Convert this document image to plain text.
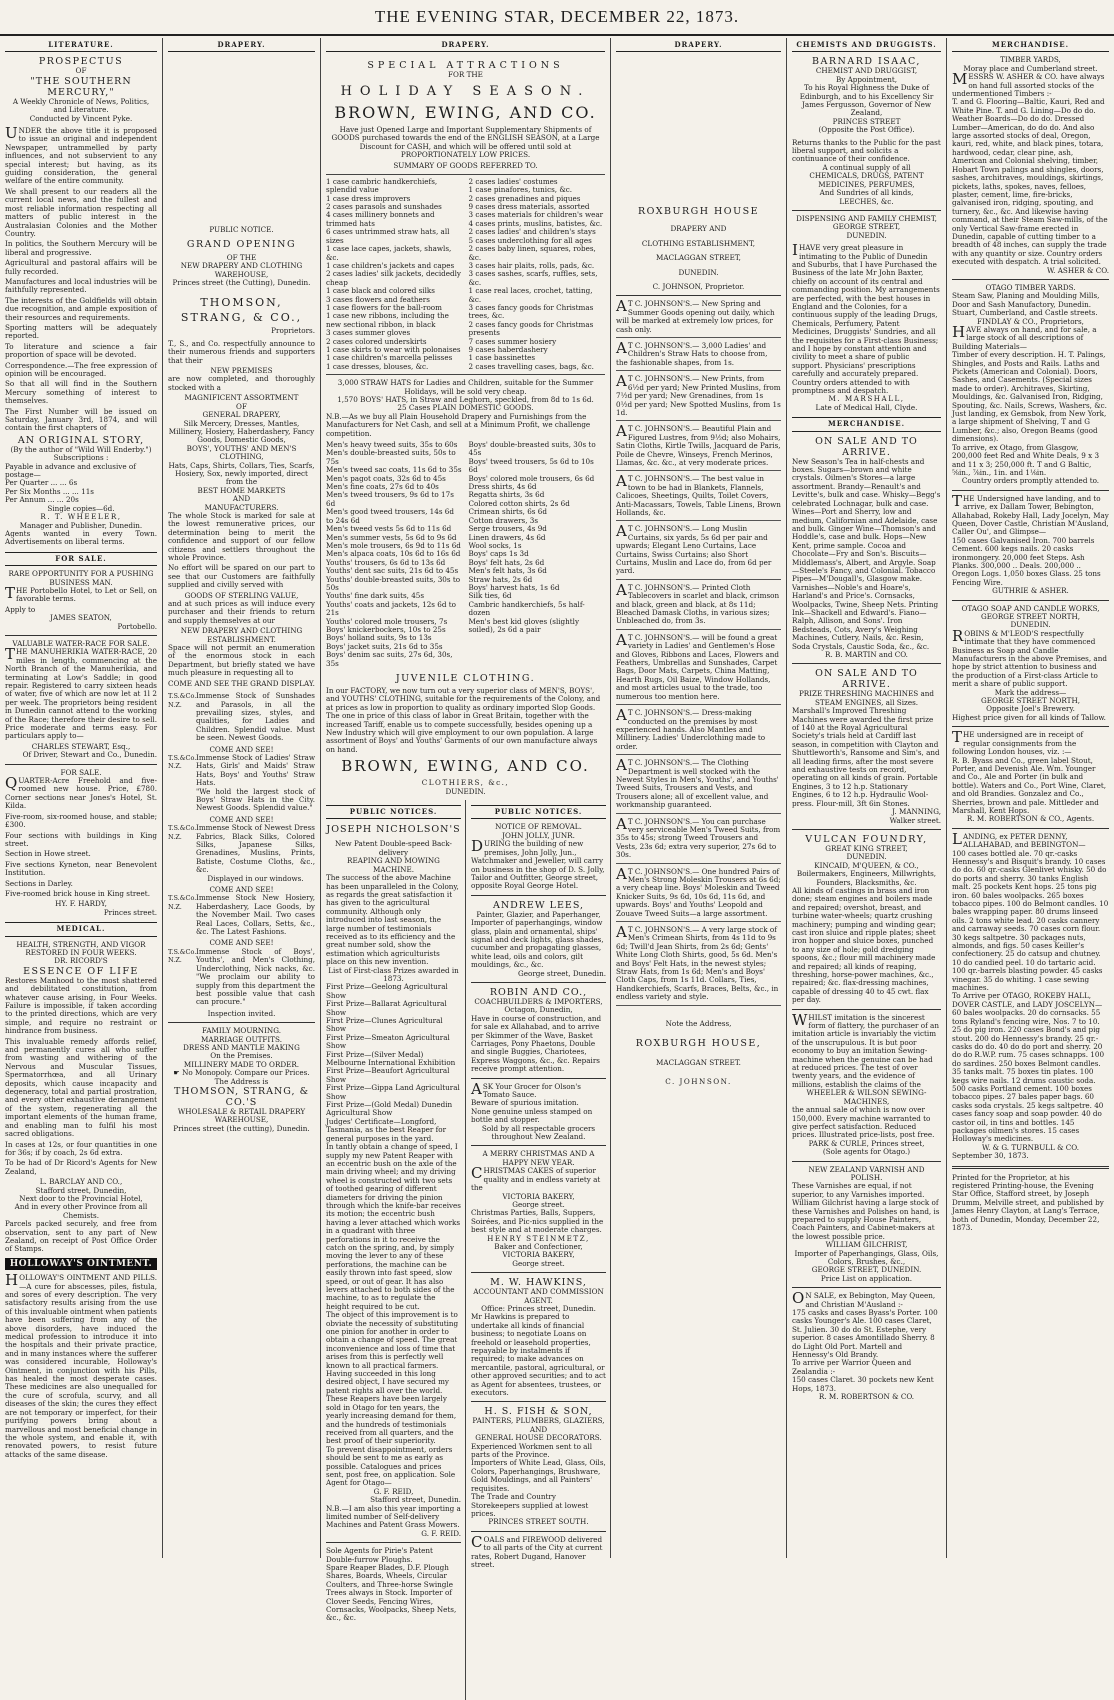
THE EVENING STAR, DECEMBER 22, 1873.
LITERATURE.
PROSPECTUS
OF
"THE SOUTHERN MERCURY,"
A Weekly Chronicle of News, Politics, and Literature.
Conducted by Vincent Pyke.

UNDER the above title it is proposed to issue an original and independent Newspaper, untrammelled by party influences, and not subservient to any special interest; but having, as its guiding consideration, the general welfare of the entire community.

We shall present to our readers all the current local news, and the fullest and most reliable information respecting all matters of public interest in the Australasian Colonies and the Mother Country.

In politics, the Southern Mercury will be liberal and progressive.

Agricultural and pastoral affairs will be fully recorded.

Manufactures and local industries will be faithfully represented.

The interests of the Goldfields will obtain due recognition, and ample exposition of their resources and requirements.

Sporting matters will be adequately reported.

To literature and science a fair proportion of space will be devoted.

Correspondence.—The free expression of opinion will be encouraged.

So that all will find in the Southern Mercury something of interest to themselves.

The First Number will be issued on Saturday, January 3rd, 1874, and will contain the first chapters of

AN ORIGINAL STORY,
(By the author of "Wild Will Enderby.")
Subscriptions :
Payable in advance and exclusive of postage—
Per Quarter ... ... 6s
Per Six Months ... ... 11s
Per Annum ... ... 20s
Single copies—6d.
R. T. WHEELER,
Manager and Publisher, Dunedin.

Agents wanted in every Town. Advertisements on liberal terms.

FOR SALE.
RARE OPPORTUNITY FOR A PUSHING BUSINESS MAN.

THE Portobello Hotel, to Let or Sell, on favorable terms.

Apply to
JAMES SEATON,
Portobello.
VALUABLE WATER-RACE FOR SALE.

THE MANUHERIKIA WATER-RACE, 20 miles in length, commencing at the North Branch of the Manuherikia, and terminating at Low's Saddle; in good repair. Registered to carry sixteen heads of water, five of which are now let at 1l 2 per week. The proprietors being resident in Dunedin cannot attend to the working of the Race; therefore their desire to sell. Price moderate and terms easy. For particulars apply to—

CHARLES STEWART, Esq.,
Of Driver, Stewart and Co., Dunedin.
FOR SALE.

QUARTER-Acre Freehold and five-roomed new house. Price, £780. Corner sections near Jones's Hotel, St. Kilda.

Five-room, six-roomed house, and stable; £300.

Four sections with buildings in King street.

Section in Howe street.

Five sections Kyneton, near Benevolent Institution.

Sections in Darley.

Five-roomed brick house in King street.

HY. F. HARDY,
Princes street.
MEDICAL.
HEALTH, STRENGTH, AND VIGOR RESTORED IN FOUR WEEKS.
DR. RICORD'S
ESSENCE OF LIFE

Restores Manhood to the most shattered and debilitated constitution, from whatever cause arising, in Four Weeks. Failure is impossible, if taken according to the printed directions, which are very simple, and require no restraint or hindrance from business.

This invaluable remedy affords relief, and permanently cures all who suffer from wasting and withering of the Nervous and Muscular Tissues, Spermatorrhœa, and all Urinary deposits, which cause incapacity and degeneracy, total and partial prostration, and every other exhaustive derangement of the system, regenerating all the important elements of the human frame, and enabling man to fulfil his most sacred obligations.

In cases at 12s, or four quantities in one for 36s; if by coach, 2s 6d extra.

To be had of Dr Ricord's Agents for New Zealand,

L. BARCLAY AND CO.,
Stafford street, Dunedin,
Next door to the Provincial Hotel,
And in every other Province from all Chemists.

Parcels packed securely, and free from observation, sent to any part of New Zealand, on receipt of Post Office Order of Stamps.

HOLLOWAY'S OINTMENT.

HOLLOWAY'S OINTMENT AND PILLS.—A cure for abscesses, piles, fistula, and sores of every description. The very satisfactory results arising from the use of this invaluable ointment when patients have been suffering from any of the above disorders, have induced the medical profession to introduce it into the hospitals and their private practice, and in many instances where the sufferer was considered incurable, Holloway's Ointment, in conjunction with his Pills, has healed the most desperate cases. These medicines are also unequalled for the cure of scrofula, scurvy, and all diseases of the skin; the cures they effect are not temporary or imperfect, for their purifying powers bring about a marvellous and most beneficial change in the whole system, and enable it, with renovated powers, to resist future attacks of the same disease.

DRAPERY.
PUBLIC NOTICE.
GRAND OPENING
OF THE
NEW DRAPERY AND CLOTHING WAREHOUSE,
Princes street (the Cutting), Dunedin.
THOMSON, STRANG, & CO.,
Proprietors.

T., S., and Co. respectfully announce to their numerous friends and supporters that their

NEW PREMISES

are now completed, and thoroughly stocked with a

MAGNIFICENT ASSORTMENT
OF
GENERAL DRAPERY,
Silk Mercery, Dresses, Mantles, Millinery, Hosiery, Haberdashery, Fancy Goods, Domestic Goods,
BOYS', YOUTHS' AND MEN'S CLOTHING,
Hats, Caps, Shirts, Collars, Ties, Scarfs, Hosiery, Sox, newly imported, direct from the
BEST HOME MARKETS
AND
MANUFACTURERS.

The whole Stock is marked for sale at the lowest remunerative prices, our determination being to merit the confidence and support of our fellow citizens and settlers throughout the whole Province.

No effort will be spared on our part to see that our Customers are faithfully supplied and civilly served with

GOODS OF STERLING VALUE,

and at such prices as will induce every purchaser and their friends to return and supply themselves at our

NEW DRAPERY AND CLOTHING ESTABLISHMENT.

Space will not permit an enumeration of the enormous stock in each Department, but briefly stated we have much pleasure in requesting all to

COME AND SEE THE GRAND DISPLAY.
T.S.&Co. N.Z.
Immense Stock of Sunshades and Parasols, in all the prevailing sizes, styles, and qualities, for Ladies and Children. Splendid value. Must be seen. Newest Goods.
COME AND SEE!
T.S.&Co. N.Z.
Immense Stock of Ladies' Straw Hats, Girls' and Maids' Straw Hats, Boys' and Youths' Straw Hats.
"We hold the largest stock of Boys' Straw Hats in the City. Newest Goods. Splendid value."
COME AND SEE!
T.S.&Co. N.Z.
Immense Stock of Newest Dress Fabrics, Black Silks, Colored Silks, Japanese Silks, Grenadines, Muslins, Prints, Batiste, Costume Cloths, &c., &c.
Displayed in our windows.
COME AND SEE!
T.S.&Co. N.Z.
Immense Stock New Hosiery, Haberdashery, Lace Goods, by the November Mail. Two cases Real Laces, Collars, Setts, &c., &c. The Latest Fashions.
COME AND SEE!
T.S.&Co. N.Z.
Immense Stock of Boys', Youths', and Men's Clothing, Underclothing, Nick nacks, &c. "We proclaim our ability to supply from this department the best possible value that cash can procure."
Inspection invited.
FAMILY MOURNING.
MARRIAGE OUTFITS.
DRESS AND MANTLE MAKING
On the Premises.
MILLINERY MADE TO ORDER.
☛ No Monopoly. Compare our Prices.
The Address is
THOMSON, STRANG, & CO.'S
WHOLESALE & RETAIL DRAPERY
WAREHOUSE,
Princes street (the cutting), Dunedin.
DRAPERY.
SPECIAL ATTRACTIONS
FOR THE
HOLIDAY SEASON.
BROWN, EWING, AND CO.

Have just Opened Large and Important Supplementary Shipments of GOODS purchased towards the end of the ENGLISH SEASON, at a Large Discount for CASH, and which will be offered until sold at PROPORTIONATELY LOW PRICES.

SUMMARY OF GOODS REFERRED TO.
1 case cambric handkerchiefs, splendid value
1 case dress improvers
2 cases parasols and sunshades
4 cases millinery bonnets and trimmed hats
6 cases untrimmed straw hats, all sizes
1 case lace capes, jackets, shawls, &c.
1 case children's jackets and capes
2 cases ladies' silk jackets, decidedly cheap
1 case black and colored silks
3 cases flowers and feathers
1 case flowers for the ball-room
1 case new ribbons, including the new sectional ribbon, in black
3 cases summer gloves
2 cases colored underskirts
1 case skirts to wear with polonaises
1 case children's marcella pelisses
1 case dresses, blouses, &c.
2 cases ladies' costumes
1 case pinafores, tunics, &c.
2 cases grenadines and piques
9 cases dress materials, assorted
3 cases materials for children's wear
4 cases prints, muslins, batistes, &c.
2 cases ladies' and children's stays
5 cases underclothing for all ages
2 cases baby linen, squares, robes, &c.
3 cases hair plaits, rolls, pads, &c.
3 cases sashes, scarfs, ruffles, sets, &c.
1 case real laces, crochet, tatting, &c.
3 cases fancy goods for Christmas trees, &c.
2 cases fancy goods for Christmas presents
7 cases summer hosiery
9 cases haberdashery
1 case bassinettes
2 cases travelling cases, bags, &c.

3,000 STRAW HATS for Ladies and Children, suitable for the Summer Holidays, will be sold very cheap.

1,570 BOYS' HATS, in Straw and Leghorn, speckled, from 8d to 1s 6d.

25 Cases PLAIN DOMESTIC GOODS.

N.B.—As we buy all Plain Household Drapery and Furnishings from the Manufacturers for Net Cash, and sell at a Minimum Profit, we challenge competition.

Men's heavy tweed suits, 35s to 60s
Men's double-breasted suits, 50s to 75s
Men's tweed sac coats, 11s 6d to 35s
Men's pagot coats, 32s 6d to 45s
Men's fine coats, 27s 6d to 40s
Men's tweed trousers, 9s 6d to 17s 6d
Men's good tweed trousers, 14s 6d to 24s 6d
Men's tweed vests 5s 6d to 11s 6d
Men's summer vests, 5s 6d to 9s 6d
Men's mole trousers, 6s 9d to 11s 6d
Men's alpaca coats, 10s 6d to 16s 6d
Youths' trousers, 6s 6d to 13s 6d
Youths' dent sac suits, 21s 6d to 45s
Youths' double-breasted suits, 30s to 50s
Youths' fine dark suits, 45s
Youths' coats and jackets, 12s 6d to 21s
Youths' colored mole trousers, 7s
Boys' knickerbockers, 10s to 25s
Boys' holland suits, 9s to 13s
Boys' jacket suits, 21s 6d to 35s
Boys' denim sac suits, 27s 6d, 30s, 35s
Boys' double-breasted suits, 30s to 45s
Boys' tweed trousers, 5s 6d to 10s 6d
Boys' colored mole trousers, 6s 6d
Dress shirts, 4s 6d
Regatta shirts, 3s 6d
Colored cotton shirts, 2s 6d
Crimean shirts, 6s 6d
Cotton drawers, 3s
Serge trousers, 4s 9d
Linen drawers, 4s 6d
Wool socks, 1s
Boys' caps 1s 3d
Boys' felt hats, 2s 6d
Men's felt hats, 3s 6d
Straw hats, 2s 6d
Boys' harvest hats, 1s 6d
Silk ties, 6d
Cambric handkerchiefs, 5s half-dozen
Men's best kid gloves (slightly soiled), 2s 6d a pair
JUVENILE CLOTHING.

In our FACTORY, we now turn out a very superior class of MEN'S, BOYS', and YOUTHS' CLOTHING, suitable for the requirements of the Colony, and at prices as low in proportion to quality as ordinary imported Slop Goods. The one in price of this class of labor in Great Britain, together with the increased Tariff, enable us to compete successfully, besides opening up a New Industry which will give employment to our own population. A large assortment of Boys' and Youths' Garments of our own manufacture always on hand.

BROWN, EWING, AND CO.
CLOTHIERS, &c.,
DUNEDIN.
PUBLIC NOTICES.
JOSEPH NICHOLSON'S
New Patent Double-speed Back-delivery
REAPING AND MOWING MACHINE.

The success of the above Machine has been unparalleled in the Colony, as regards the great satisfaction it has given to the agricultural community. Although only introduced into last season, the large number of testimonials received as to its efficiency and the great number sold, show the estimation which agriculturists place on this new invention.

List of First-class Prizes awarded in 1873.
First Prize—Geelong Agricultural Show
First Prize—Ballarat Agricultural Show
First Prize—Clunes Agricultural Show
First Prize—Smeaton Agricultural Show
First Prize—(Silver Medal) Melbourne International Exhibition
First Prize—Beaufort Agricultural Show
First Prize—Gippa Land Agricultural Show
First Prize—(Gold Medal) Dunedin Agricultural Show

Judges' Certificate—Longford, Tasmania, as the best Reaper for general purposes in the yard.

In tantly obtain a change of speed, I supply my new Patent Reaper with an eccentric bush on the axle of the main driving wheel; and my driving wheel is constructed with two sets of toothed gearing of different diameters for driving the pinion through which the knife-bar receives its motion; the eccentric bush having a lever attached which works in a quadrant with three perforations in it to receive the catch on the spring, and, by simply moving the lever to any of these perforations, the machine can be easily thrown into fast speed, slow speed, or out of gear. It has also levers attached to both sides of the machine, to as to regulate the height required to be cut.

The object of this improvement is to obviate the necessity of substituting one pinion for another in order to obtain a change of speed. The great inconvenience and loss of time that arises from this is perfectly well known to all practical farmers.

Having succeeded in this long desired object, I have secured my patent rights all over the world.

These Reapers have been largely sold in Otago for ten years, the yearly increasing demand for them, and the hundreds of testimonials received from all quarters, and the best proof of their superiority.

To prevent disappointment, orders should be sent to me as early as possible. Catalogues and prices sent, post free, on application. Sole Agent for Otago—

G. F. REID,
Stafford street, Dunedin.

N.B.—I am also this year importing a limited number of Self-delivery Machines and Patent Grass Mowers.

G. F. REID.

Sole Agents for Pirie's Patent Double-furrow Ploughs.

Spare Reaper Blades, D.F. Plough Shares, Boards, Wheels, Circular Coulters, and Three-horse Swingle Trees always in Stock. Importer of Clover Seeds, Fencing Wires, Cornsacks, Woolpacks, Sheep Nets, &c., &c.

PUBLIC NOTICES.
NOTICE OF REMOVAL.
JOHN JOLLY, JUNR.

DURING the building of new premises, John Jolly, Jun., Watchmaker and Jeweller, will carry on business in the shop of D. S. Jolly, Tailor and Outfitter, George street, opposite Royal George Hotel.

ANDREW LEES,
Painter, Glazier, and Paperhanger,

Importer of paperhangings, window glass, plain and ornamental, ships' signal and deck lights, glass shades, cucumber and propagating glasses, white lead, oils and colors, gilt mouldings, &c., &c.

George street, Dunedin.
ROBIN AND CO.,
COACHBUILDERS & IMPORTERS,
Octagon, Dunedin,

Have in course of construction, and for sale ex Allahabad, and to arrive per Skimmer of the Wave, Basket Carriages, Pony Phaetons, Double and single Buggies, Chariotees, Express Waggons, &c., &c. Repairs receive prompt attention.

ASK Your Grocer for Olson's Tomato Sauce.

Beware of spurious imitation.

None genuine unless stamped on bottle and stopper.

Sold by all respectable grocers throughout New Zealand.

A MERRY CHRISTMAS AND A HAPPY NEW YEAR.

CHRISTMAS CAKES of superior quality and in endless variety at the

VICTORIA BAKERY,
George street.

Christmas Parties, Balls, Suppers, Soirées, and Pic-nics supplied in the best style and at moderate charges.

HENRY STEINMETZ,
Baker and Confectioner,
VICTORIA BAKERY,
George street.
M. W. HAWKINS,
ACCOUNTANT AND COMMISSION AGENT.
Office: Princes street, Dunedin.

Mr Hawkins is prepared to undertake all kinds of financial business; to negotiate Loans on freehold or leasehold properties, repayable by instalments if required; to make advances on mercantile, pastoral, agricultural, or other approved securities; and to act as Agent for absentees, trustees, or executors.

H. S. FISH & SON,
PAINTERS, PLUMBERS, GLAZIERS,
AND
GENERAL HOUSE DECORATORS.

Experienced Workmen sent to all parts of the Province.

Importers of White Lead, Glass, Oils, Colors, Paperhangings, Brushware, Gold Mouldings, and all Painters' requisites.

The Trade and Country Storekeepers supplied at lowest prices.

PRINCES STREET SOUTH.

COALS and FIREWOOD delivered to all parts of the City at current rates, Robert Dugand, Hanover street.

DRAPERY.
ROXBURGH HOUSE
DRAPERY AND
CLOTHING ESTABLISHMENT,
MACLAGGAN STREET,
DUNEDIN.
C. JOHNSON, Proprietor.

AT C. JOHNSON'S.— New Spring and Summer Goods opening out daily, which will be marked at extremely low prices, for cash only.

AT C. JOHNSON'S.— 3,000 Ladies' and Children's Straw Hats to choose from, the fashionable shapes, from 1s.

AT C. JOHNSON'S.— New Prints, from 6½d per yard; New Printed Muslins, from 7½d per yard; New Grenadines, from 1s 0½d per yard; New Spotted Muslins, from 1s 1d.

AT C. JOHNSON'S.— Beautiful Plain and Figured Lustres, from 9½d; also Mohairs, Satin Cloths, Kirtle Twills, Jacquard de Paris, Poile de Chevre, Winseys, French Merinos, Llamas, &c. &c., at very moderate prices.

AT C. JOHNSON'S.— The best value in town to be had in Blankets, Flannels, Calicoes, Sheetings, Quilts, Toilet Covers, Anti-Macassars, Towels, Table Linens, Brown Hollands, &c.

AT C. JOHNSON'S.— Long Muslin Curtains, six yards, 5s 6d per pair and upwards; Elegant Leno Curtains, Lace Curtains, Swiss Curtains; also Short Curtains, Muslin and Lace do, from 6d per yard.

AT C. JOHNSON'S.— Printed Cloth Tablecovers in scarlet and black, crimson and black, green and black, at 8s 11d; Bleached Damask Cloths, in various sizes; Unbleached do, from 3s.

AT C. JOHNSON'S.— will be found a great variety in Ladies' and Gentlemen's Hose and Gloves, Ribbons and Laces, Flowers and Feathers, Umbrellas and Sunshades, Carpet Bags, Door Mats, Carpets, China Matting, Hearth Rugs, Oil Baize, Window Hollands, and most articles usual to the trade, too numerous too mention here.

AT C. JOHNSON'S.— Dress-making conducted on the premises by most experienced hands. Also Mantles and Millinery. Ladies' Underclothing made to order.

AT C. JOHNSON'S.— The Clothing Department is well stocked with the Newest Styles in Men's, Youths', and Youths' Tweed Suits, Trousers and Vests, and Trousers alone; all of excellent value, and workmanship guaranteed.

AT C. JOHNSON'S.— You can purchase very serviceable Men's Tweed Suits, from 35s to 45s; strong Tweed Trousers and Vests, 23s 6d; extra very superior, 27s 6d to 30s.

AT C. JOHNSON'S.— One hundred Pairs of Men's Strong Moleskin Trousers at 6s 6d; a very cheap line. Boys' Moleskin and Tweed Knicker Suits, 9s 6d, 10s 6d, 11s 6d, and upwards. Boys' and Youths' Leopold and Zouave Tweed Suits—a large assortment.

AT C. JOHNSON'S.— A very large stock of Men's Crimean Shirts, from 4s 11d to 9s 6d; Twill'd Jean Shirts, from 2s 6d; Gents' White Long Cloth Shirts, good, 5s 6d. Men's and Boys' Felt Hats, in the newest styles; Straw Hats, from 1s 6d; Men's and Boys' Cloth Caps, from 1s 11d. Collars, Ties, Handkerchiefs, Scarfs, Braces, Belts, &c., in endless variety and style.

Note the Address,
ROXBURGH HOUSE,
MACLAGGAN STREET.
C. JOHNSON.
CHEMISTS AND DRUGGISTS.
BARNARD ISAAC,
CHEMIST AND DRUGGIST,
By Appointment,
To his Royal Highness the Duke of Edinburgh, and to his Excellency Sir James Fergusson, Governor of New Zealand,
PRINCES STREET
(Opposite the Post Office).

Returns thanks to the Public for the past liberal support, and solicits a continuance of their confidence.

A continual supply of all
CHEMICALS, DRUGS, PATENT MEDICINES, PERFUMES,
And Sundries of all kinds,
LEECHES, &c.
DISPENSING AND FAMILY CHEMIST,
GEORGE STREET,
DUNEDIN.

IHAVE very great pleasure in intimating to the Public of Dunedin and Suburbs, that I have Purchased the Business of the late Mr John Baxter, chiefly on account of its central and commanding position. My arrangements are perfected, with the best houses in England and the Colonies, for a continuous supply of the leading Drugs, Chemicals, Perfumery, Patent Medicines, Druggists' Sundries, and all the requisites for a First-class Business; and I hope by constant attention and civility to meet a share of public support. Physicians' prescriptions carefully and accurately prepared. Country orders attended to with promptness and despatch.

M. MARSHALL,
Late of Medical Hall, Clyde.
MERCHANDISE.
ON SALE AND TO ARRIVE.

New Season's Tea in half-chests and boxes. Sugars—brown and white crystals. Oilmen's Stores—a large assortment. Brandy—Renault's and Levitte's, bulk and case. Whisky—Begg's celebrated Lochnagar, bulk and case. Wines—Port and Sherry, low and medium, Californian and Adelaide, case and bulk. Ginger Wine—Thomson's and Hoddle's, case and bulk. Hops—New Kent, prime sample. Cocoa and Chocolate—Fry and Son's. Biscuits—Middlemass's, Albert, and Argyle. Soap—Steele's Fancy, and Colonial. Tobacco Pipes—M'Dougall's, Glasgow make. Varnishes—Noble's and Hoare's, Harland's and Price's. Cornsacks, Woolpacks, Twine, Sheep Nets. Printing Ink—Shackell and Edward's. Fiano—Ralph, Allison, and Sons'. Iron Bedsteads, Cots, Avery's Weighing Machines, Cutlery, Nails, &c. Resin, Soda Crystals, Caustic Soda, &c., &c.

R. B. MARTIN and CO.
ON SALE AND TO ARRIVE.
PRIZE THRESHING MACHINES and STEAM ENGINES, all Sizes.

Marshall's Improved Threshing Machines were awarded the first prize of 140 at the Royal Agricultural Society's trials held at Cardiff last season, in competition with Clayton and Shuttleworth's, Ransome and Sim's, and all leading firms, after the most severe and exhaustive tests on record, operating on all kinds of grain. Portable Engines, 3 to 12 h.p. Stationary Engines, 6 to 12 h.p. Hydraulic Wool-press. Flour-mill, 3ft 6in Stones.

J. MANNING,
Walker street.
VULCAN FOUNDRY,
GREAT KING STREET,
DUNEDIN.
KINCAID, M'QUEEN, & CO.,
Boilermakers, Engineers, Millwrights, Founders, Blacksmiths, &c.

All kinds of castings in brass and iron done; steam engines and boilers made and repaired; overshot, breast, and turbine water-wheels; quartz crushing machinery; pumping and winding gear; cast iron sluice and ripple plates; sheet iron hopper and sluice boxes, punched to any size of hole; gold dredging spoons, &c.; flour mill machinery made and repaired; all kinds of reaping, threshing, horse-power machines, &c., repaired; &c. flax-dressing machines, capable of dressing 40 to 45 cwt. flax per day.

WHILST imitation is the sincerest form of flattery, the purchaser of an imitation article is invariably the victim of the unscrupulous. It is but poor economy to buy an imitation Sewing-machine when the genuine can be had at reduced prices. The test of over twenty years, and the evidence of millions, establish the claims of the

WHEELER & WILSON SEWING-MACHINES,

the annual sale of which is now over 150,000. Every machine warranted to give perfect satisfaction. Reduced prices. Illustrated price-lists, post free.

PARK & CURLE, Princes street,
(Sole agents for Otago.)
NEW ZEALAND VARNISH AND POLISH.

These Varnishes are equal, if not superior, to any Varnishes imported. William Gilchrist having a large stock of these Varnishes and Polishes on hand, is prepared to supply House Painters, Coach Painters, and Cabinet-makers at the lowest possible price.

WILLIAM GILCHRIST,
Importer of Paperhangings, Glass, Oils, Colors, Brushes, &c.,
GEORGE STREET, DUNEDIN.
Price List on application.

ON SALE, ex Bebington, May Queen, and Christian M'Ausland :-

175 casks and cases Byass's Porter. 100 casks Younger's Ale. 100 cases Claret, St. Julien. 30 do do St. Estephe, very superior. 8 cases Amontillado Sherry. 8 do Light Old Port. Martell and Hennessy's Old Brandy.

To arrive per Warrior Queen and Zealandia :-

150 cases Claret. 30 pockets new Kent Hops, 1873.

R. M. ROBERTSON & CO.
MERCHANDISE.
TIMBER YARDS,
Moray place and Cumberland street.

MESSRS W. ASHER & CO. have always on hand full assorted stocks of the undermentioned Timbers :-

T. and G. Flooring—Baltic, Kauri, Red and White Pine. T. and G. Lining—Do do do. Weather Boards—Do do do. Dressed Lumber—American, do do do. And also large assorted stocks of deal, Oregon, kauri, red, white, and black pines, totara, hardwood, cedar, clear pine, ash, American and Colonial shelving, timber, Hobart Town palings and shingles, doors, sashes, architraves, mouldings, skirtings, pickets, laths, spokes, naves, felloes, plaster, cement, lime, fire-bricks, galvanised iron, ridging, spouting, and turnery, &c., &c. And likewise having command, at their Steam Saw-mills, of the only Vertical Saw-frame erected in Dunedin, capable of cutting timber to a breadth of 48 inches, can supply the trade with any quantity or size. Country orders executed with despatch. A trial solicited.

W. ASHER & CO.
OTAGO TIMBER YARDS.

Steam Saw, Planing and Moulding Mills, Door and Sash Manufactory, Dunedin. Stuart, Cumberland, and Castle streets.

FINDLAY & CO., Proprietors,

HAVE always on hand, and for sale, a large stock of all descriptions of Building Materials—

Timber of every description. H. T. Palings, Shingles, and Posts and Rails. Laths and Pickets (American and Colonial). Doors, Sashes, and Casements. (Special sizes made to order). Architraves, Skirting, Mouldings, &c. Galvanised Iron, Ridging, Spouting, &c. Nails, Screws, Washers, &c.

Just landing, ex Gemsbok, from New York, a large shipment of Shelving, T and G Lumber, &c.; also, Oregon Beams (good dimensions).

To arrive, ex Otago, from Glasgow, 200,000 feet Red and White Deals, 9 x 3 and 11 x 3; 250,000 ft. T and G Baltic, ⅝in., ⅞in., 1in. and 1⅛in.

Country orders promptly attended to.

THE Undersigned have landing, and to arrive, ex Dallam Tower, Bebington, Allahabad, Rokeby Hall, Lady Jocelyn, May Queen, Dover Castle, Christian M'Ausland, Caller Ou', and Glimpse—

150 cases Galvanised Iron. 700 barrels Cement. 600 kegs nails. 20 casks ironmongery. 20,000 feet Steps. Ash Planks. 300,000 .. Deals. 200,000 .. Oregon Logs. 1,050 boxes Glass. 25 tons Fencing Wire.

GUTHRIE & ASHER.
OTAGO SOAP AND CANDLE WORKS,
GEORGE STREET NORTH,
DUNEDIN.

ROBINS & M'LEOD'S respectfully intimate that they have commenced Business as Soap and Candle Manufacturers in the above Premises, and hope by strict attention to business and the production of a First-class Article to merit a share of public support.

Mark the address—
GEORGE STREET NORTH,
Opposite Joel's Brewery.

Highest price given for all kinds of Tallow.

THE undersigned are in receipt of regular consignments from the following London houses, viz. :—

R. B. Byass and Co., green label Stout, Porter, and Devenish Ale. Wm. Younger and Co., Ale and Porter (in bulk and bottle). Waters and Co., Port Wine, Claret, and old Brandies. Gonzalez and Co., Sherries, brown and pale. Mittleder and Marshall, Kent Hops.

R. M. ROBERTSON & CO., Agents.

LANDING, ex PETER DENNY, ALLAHABAD, and BEBINGTON—

100 cases bottled ale. 70 qr.-casks Hennessy's and Bisquit's brandy. 10 cases do do. 60 qr.-casks Glenlivet whisky. 50 do do ports and sherry. 30 tanks English malt. 25 pockets Kent hops. 25 tons pig iron. 60 bales woolpacks. 265 boxes tobacco pipes. 100 do Belmont candles. 10 bales wrapping paper. 80 drums linseed oils. 2 tons white lead. 20 casks cannery and carraway seeds. 70 cases corn flour. 30 kegs saltpetre. 30 packages nuts, almonds, and figs. 50 cases Keiller's confectionery. 25 do catsup and chutney. 10 do candied peel. 10 do tartaric acid. 100 qr.-barrels blasting powder. 45 casks vinegar. 35 do whiting. 1 case sewing machines.

To Arrive per OTAGO, ROKEBY HALL, DOVER CASTLE, and LADY JOSCELYN—

60 bales woolpacks. 20 do cornsacks. 55 tons Ryland's fencing wire, Nos. 7 to 10. 25 do pig iron. 220 cases Bond's and pig stout. 200 do Hennessy's brandy. 25 qr.-casks do do. 40 do do port and sherry. 20 do do R.W.P. rum. 75 cases schnapps. 100 do sardines. 250 boxes Belmont candles. 35 tanks malt. 75 boxes tin plates. 100 kegs wire nails. 12 drums caustic soda. 500 casks Portland cement. 100 boxes tobacco pipes. 27 bales paper bags. 60 casks soda crystals. 25 kegs saltpetre. 40 cases fancy soap and soap powder. 40 do castor oil, in tins and bottles. 145 packages oilmen's stores. 15 cases Holloway's medicines.

W. & G. TURNBULL & CO.
September 30, 1873.

Printed for the Proprietor, at his registered Printing-house, the Evening Star Office, Stafford street, by Joseph Drumm, Melville street, and published by James Henry Clayton, at Lang's Terrace, both of Dunedin, Monday, December 22, 1873.
